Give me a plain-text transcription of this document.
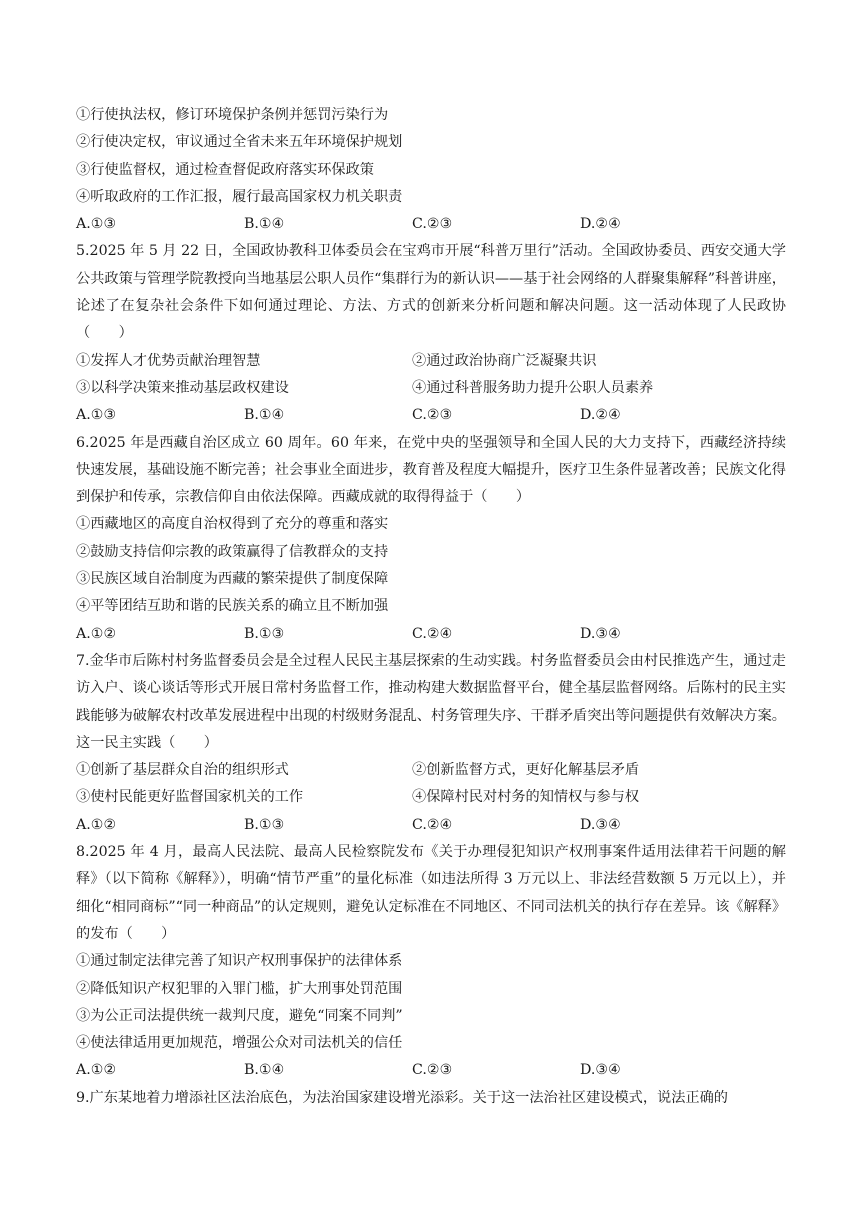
①行使执法权，修订环境保护条例并惩罚污染行为
②行使决定权，审议通过全省未来五年环境保护规划
③行使监督权，通过检查督促政府落实环保政策
④听取政府的工作汇报，履行最高国家权力机关职责
A.①③	B.①④	C.②③	D.②④
5.2025 年 5 月 22 日，全国政协教科卫体委员会在宝鸡市开展“科普万里行”活动。全国政协委员、西安交通大学公共政策与管理学院教授向当地基层公职人员作“集群行为的新认识——基于社会网络的人群聚集解释”科普讲座，论述了在复杂社会条件下如何通过理论、方法、方式的创新来分析问题和解决问题。这一活动体现了人民政协（　　）
①发挥人才优势贡献治理智慧	②通过政治协商广泛凝聚共识
③以科学决策来推动基层政权建设	④通过科普服务助力提升公职人员素养
A.①③	B.①④	C.②③	D.②④
6.2025 年是西藏自治区成立 60 周年。60 年来，在党中央的坚强领导和全国人民的大力支持下，西藏经济持续快速发展，基础设施不断完善；社会事业全面进步，教育普及程度大幅提升，医疗卫生条件显著改善；民族文化得到保护和传承，宗教信仰自由依法保障。西藏成就的取得得益于（　　）
①西藏地区的高度自治权得到了充分的尊重和落实
②鼓励支持信仰宗教的政策赢得了信教群众的支持
③民族区域自治制度为西藏的繁荣提供了制度保障
④平等团结互助和谐的民族关系的确立且不断加强
A.①②	B.①③	C.②④	D.③④
7.金华市后陈村村务监督委员会是全过程人民民主基层探索的生动实践。村务监督委员会由村民推选产生，通过走访入户、谈心谈话等形式开展日常村务监督工作，推动构建大数据监督平台，健全基层监督网络。后陈村的民主实践能够为破解农村改革发展进程中出现的村级财务混乱、村务管理失序、干群矛盾突出等问题提供有效解决方案。这一民主实践（　　）
①创新了基层群众自治的组织形式	②创新监督方式，更好化解基层矛盾
③使村民能更好监督国家机关的工作	④保障村民对村务的知情权与参与权
A.①②	B.①③	C.②④	D.③④
8.2025 年 4 月，最高人民法院、最高人民检察院发布《关于办理侵犯知识产权刑事案件适用法律若干问题的解释》（以下简称《解释》），明确“情节严重”的量化标准（如违法所得 3 万元以上、非法经营数额 5 万元以上），并细化“相同商标”“同一种商品”的认定规则，避免认定标准在不同地区、不同司法机关的执行存在差异。该《解释》的发布（　　）
①通过制定法律完善了知识产权刑事保护的法律体系
②降低知识产权犯罪的入罪门槛，扩大刑事处罚范围
③为公正司法提供统一裁判尺度，避免“同案不同判”
④使法律适用更加规范，增强公众对司法机关的信任
A.①②	B.①④	C.②③	D.③④
9.广东某地着力增添社区法治底色，为法治国家建设增光添彩。关于这一法治社区建设模式，说法正确的
